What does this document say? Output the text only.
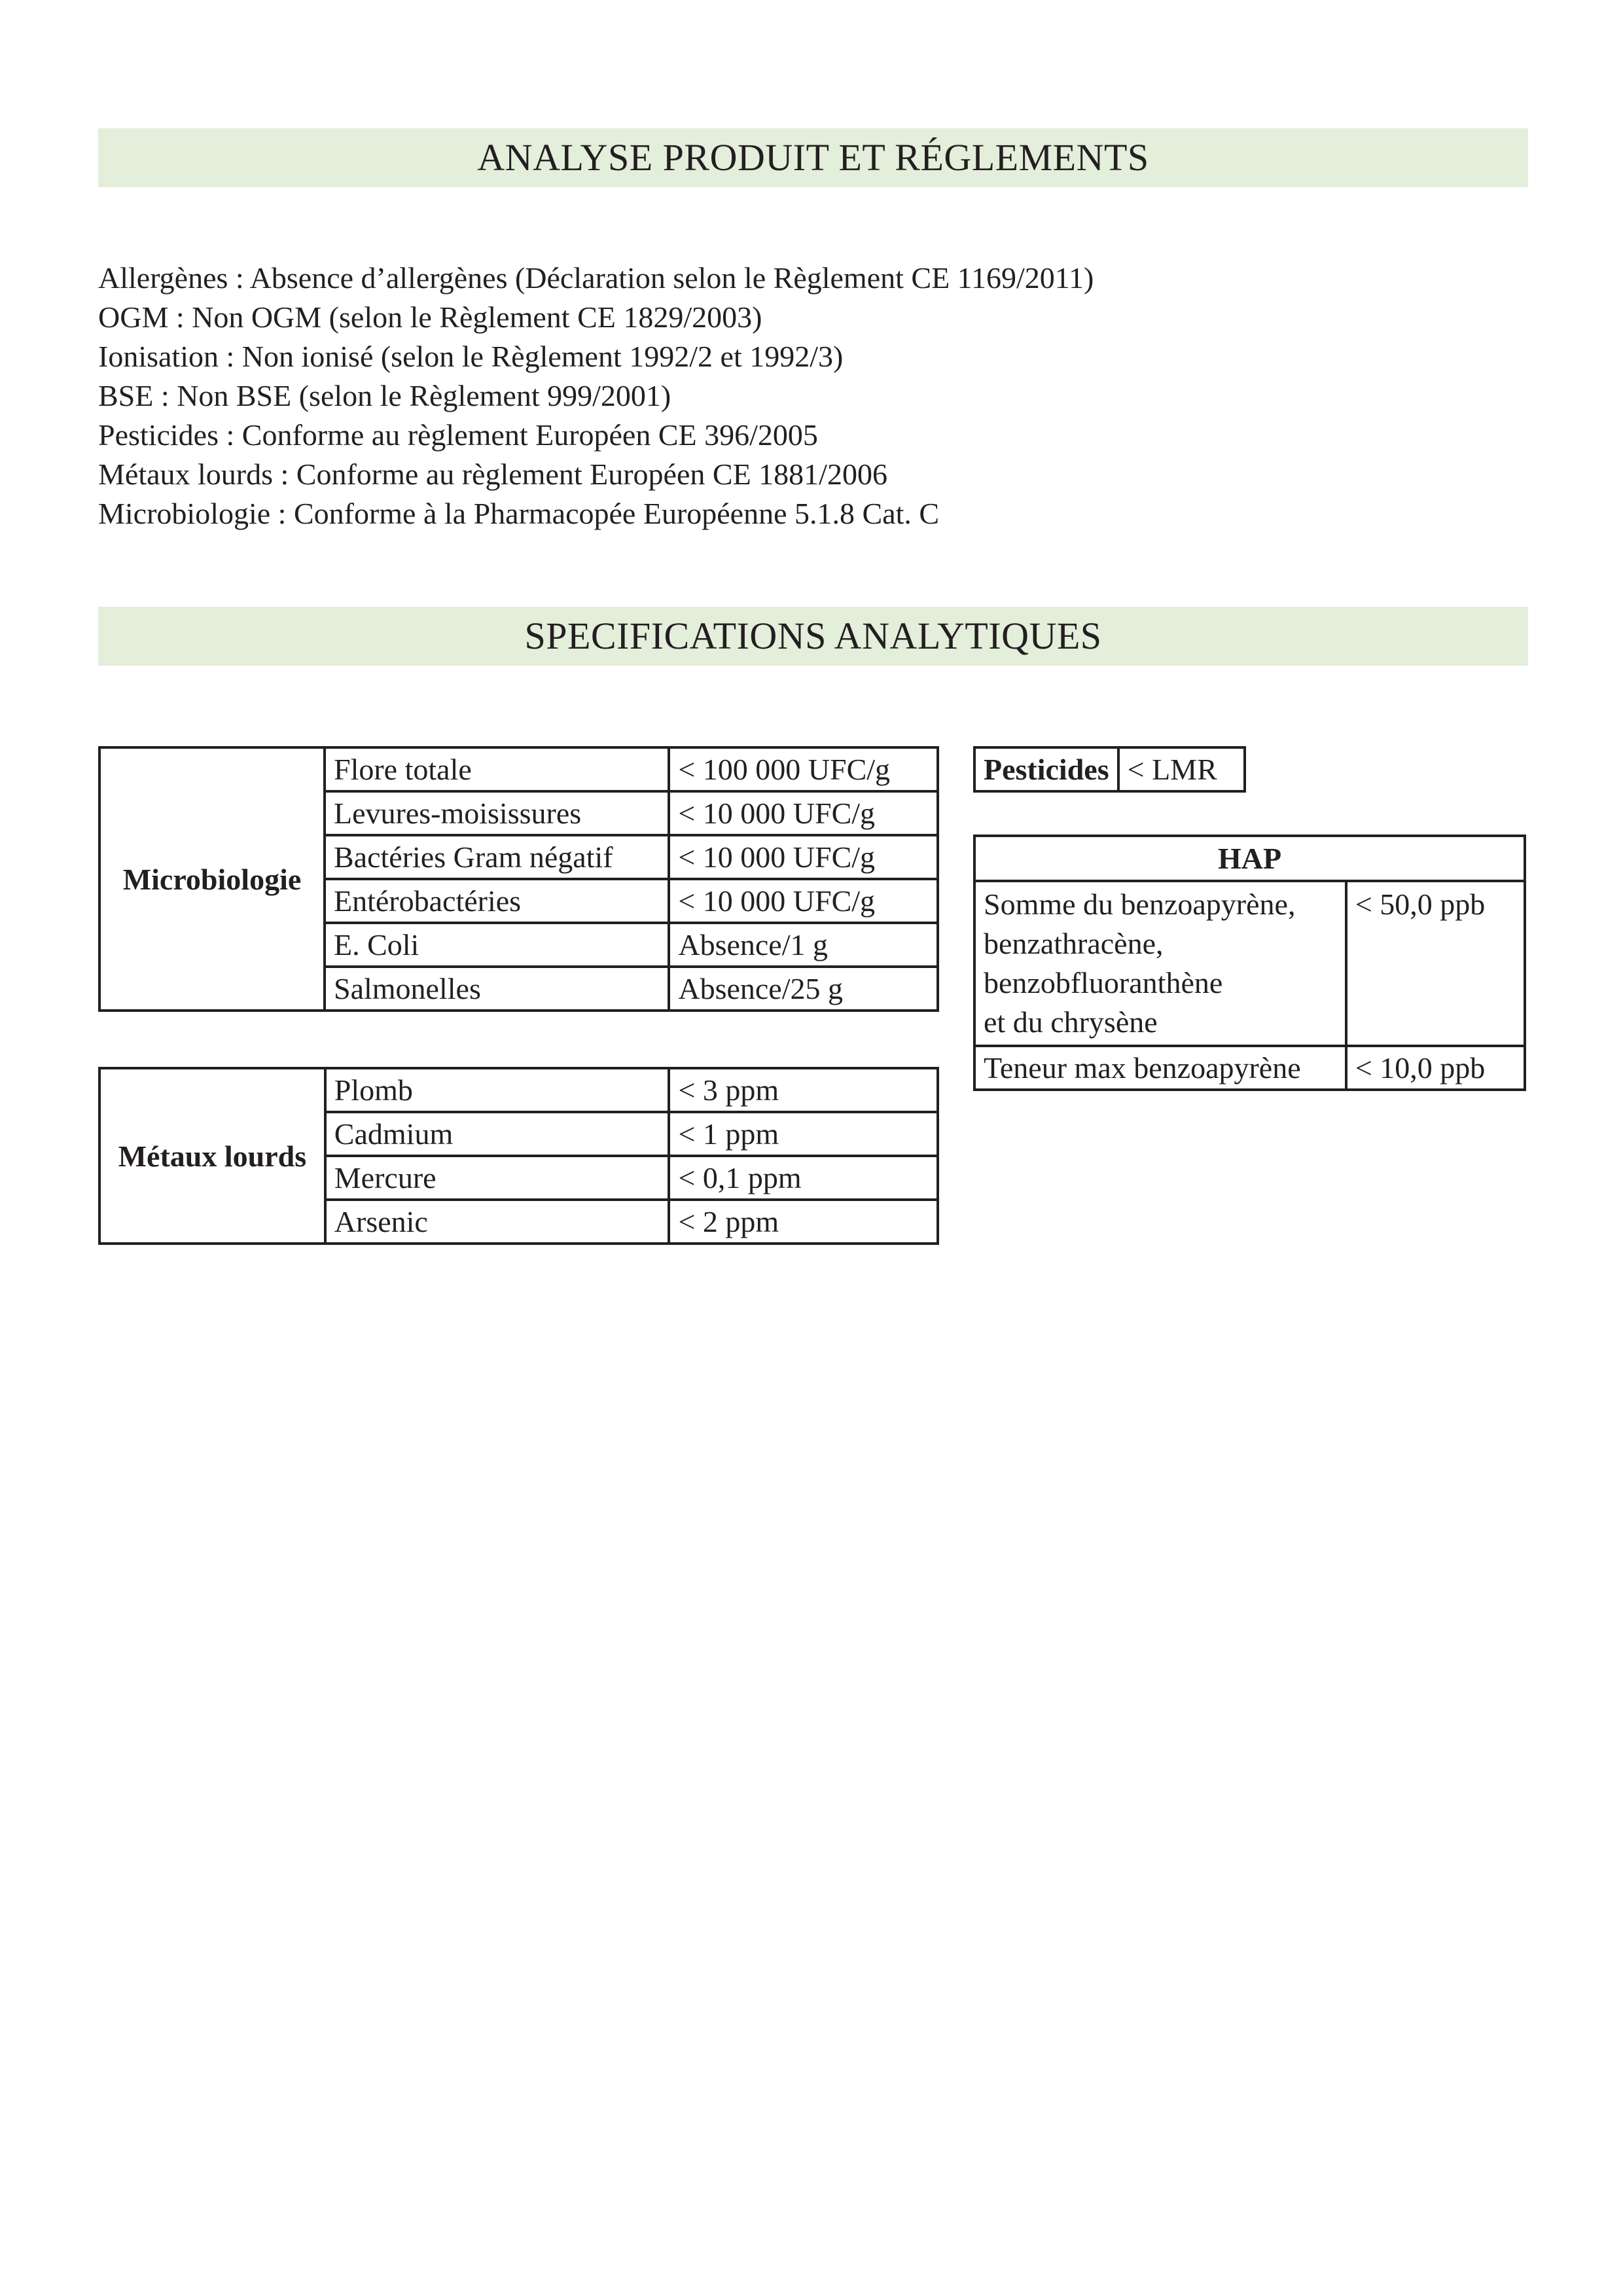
ANALYSE PRODUIT ET RÉGLEMENTS
Allergènes : Absence d’allergènes (Déclaration selon le Règlement CE 1169/2011)
OGM : Non OGM (selon le Règlement CE 1829/2003)
Ionisation : Non ionisé (selon le Règlement 1992/2 et 1992/3)
BSE : Non BSE (selon le Règlement 999/2001)
Pesticides : Conforme au règlement Européen CE 396/2005
Métaux lourds : Conforme au règlement Européen CE 1881/2006
Microbiologie : Conforme à la Pharmacopée Européenne 5.1.8 Cat. C
SPECIFICATIONS ANALYTIQUES
Microbiologie	Flore totale	< 100 000 UFC/g
	Levures-moisissures	< 10 000 UFC/g
	Bactéries Gram négatif	< 10 000 UFC/g
	Entérobactéries	< 10 000 UFC/g
	E. Coli	Absence/1 g
	Salmonelles	Absence/25 g
Métaux lourds	Plomb	< 3 ppm
	Cadmium	< 1 ppm
	Mercure	< 0,1 ppm
	Arsenic	< 2 ppm
Pesticides	< LMR
HAP	

Somme du benzoapyrène,
benzathracène,
benzobfluoranthène
et du chrysène	< 50,0 ppb
Teneur max benzoapyrène	< 10,0 ppb
